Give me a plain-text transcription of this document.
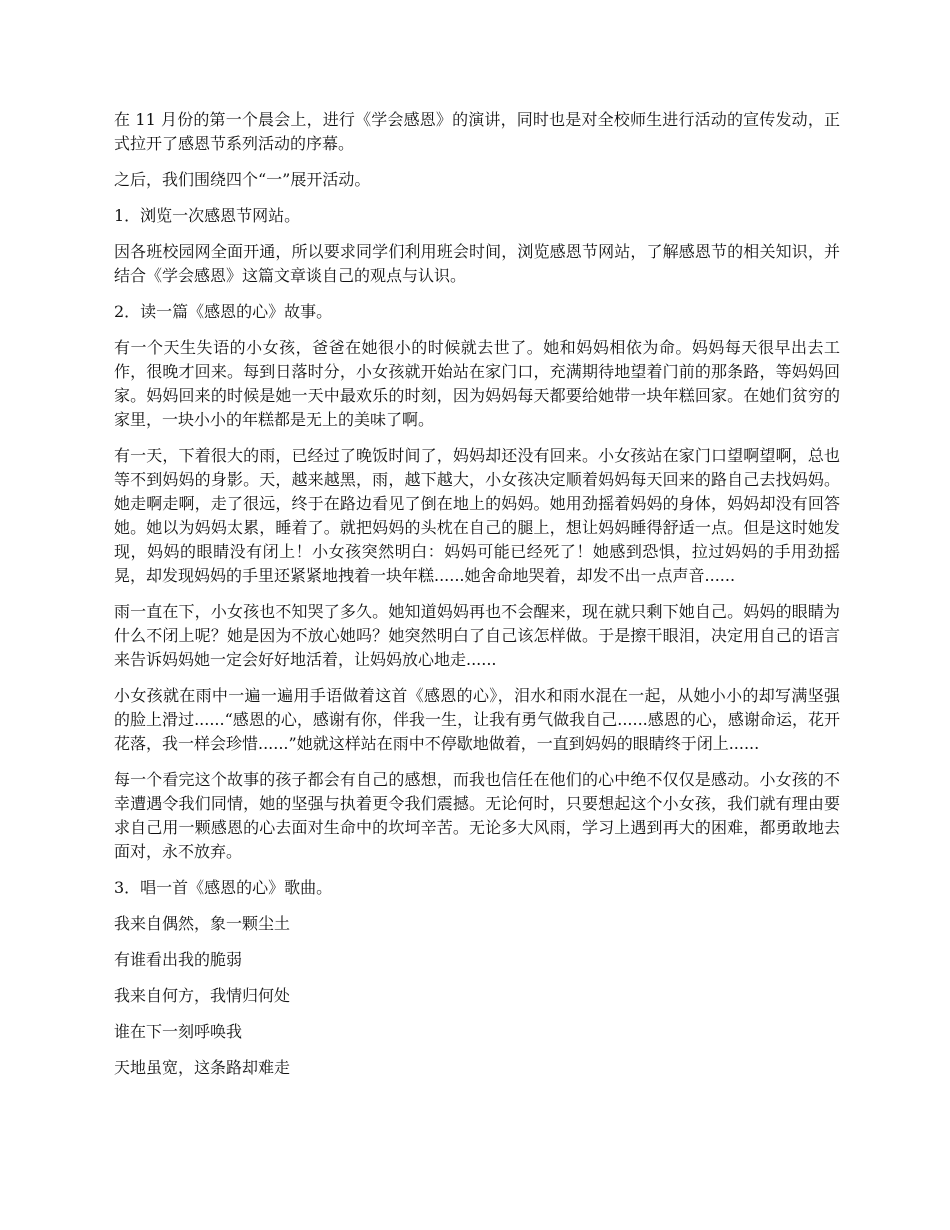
在 11 月份的第一个晨会上，进行《学会感恩》的演讲，同时也是对全校师生进行活动的宣传发动，正式拉开了感恩节系列活动的序幕。

之后，我们围绕四个“一”展开活动。

1．浏览一次感恩节网站。

因各班校园网全面开通，所以要求同学们利用班会时间，浏览感恩节网站，了解感恩节的相关知识，并结合《学会感恩》这篇文章谈自己的观点与认识。

2．读一篇《感恩的心》故事。

有一个天生失语的小女孩，爸爸在她很小的时候就去世了。她和妈妈相依为命。妈妈每天很早出去工作，很晚才回来。每到日落时分，小女孩就开始站在家门口，充满期待地望着门前的那条路，等妈妈回家。妈妈回来的时候是她一天中最欢乐的时刻，因为妈妈每天都要给她带一块年糕回家。在她们贫穷的家里，一块小小的年糕都是无上的美味了啊。

有一天，下着很大的雨，已经过了晚饭时间了，妈妈却还没有回来。小女孩站在家门口望啊望啊，总也等不到妈妈的身影。天，越来越黑，雨，越下越大，小女孩决定顺着妈妈每天回来的路自己去找妈妈。她走啊走啊，走了很远，终于在路边看见了倒在地上的妈妈。她用劲摇着妈妈的身体，妈妈却没有回答她。她以为妈妈太累，睡着了。就把妈妈的头枕在自己的腿上，想让妈妈睡得舒适一点。但是这时她发现，妈妈的眼睛没有闭上！小女孩突然明白：妈妈可能已经死了！她感到恐惧，拉过妈妈的手用劲摇晃，却发现妈妈的手里还紧紧地拽着一块年糕......她舍命地哭着，却发不出一点声音......

雨一直在下，小女孩也不知哭了多久。她知道妈妈再也不会醒来，现在就只剩下她自己。妈妈的眼睛为什么不闭上呢？她是因为不放心她吗？她突然明白了自己该怎样做。于是擦干眼泪，决定用自己的语言来告诉妈妈她一定会好好地活着，让妈妈放心地走......

小女孩就在雨中一遍一遍用手语做着这首《感恩的心》，泪水和雨水混在一起，从她小小的却写满坚强的脸上滑过......“感恩的心，感谢有你，伴我一生，让我有勇气做我自己......感恩的心，感谢命运，花开花落，我一样会珍惜......”她就这样站在雨中不停歇地做着，一直到妈妈的眼睛终于闭上......

每一个看完这个故事的孩子都会有自己的感想，而我也信任在他们的心中绝不仅仅是感动。小女孩的不幸遭遇令我们同情，她的坚强与执着更令我们震撼。无论何时，只要想起这个小女孩，我们就有理由要求自己用一颗感恩的心去面对生命中的坎坷辛苦。无论多大风雨，学习上遇到再大的困难，都勇敢地去面对，永不放弃。

3．唱一首《感恩的心》歌曲。

我来自偶然，象一颗尘土

有谁看出我的脆弱

我来自何方，我情归何处

谁在下一刻呼唤我

天地虽宽，这条路却难走
